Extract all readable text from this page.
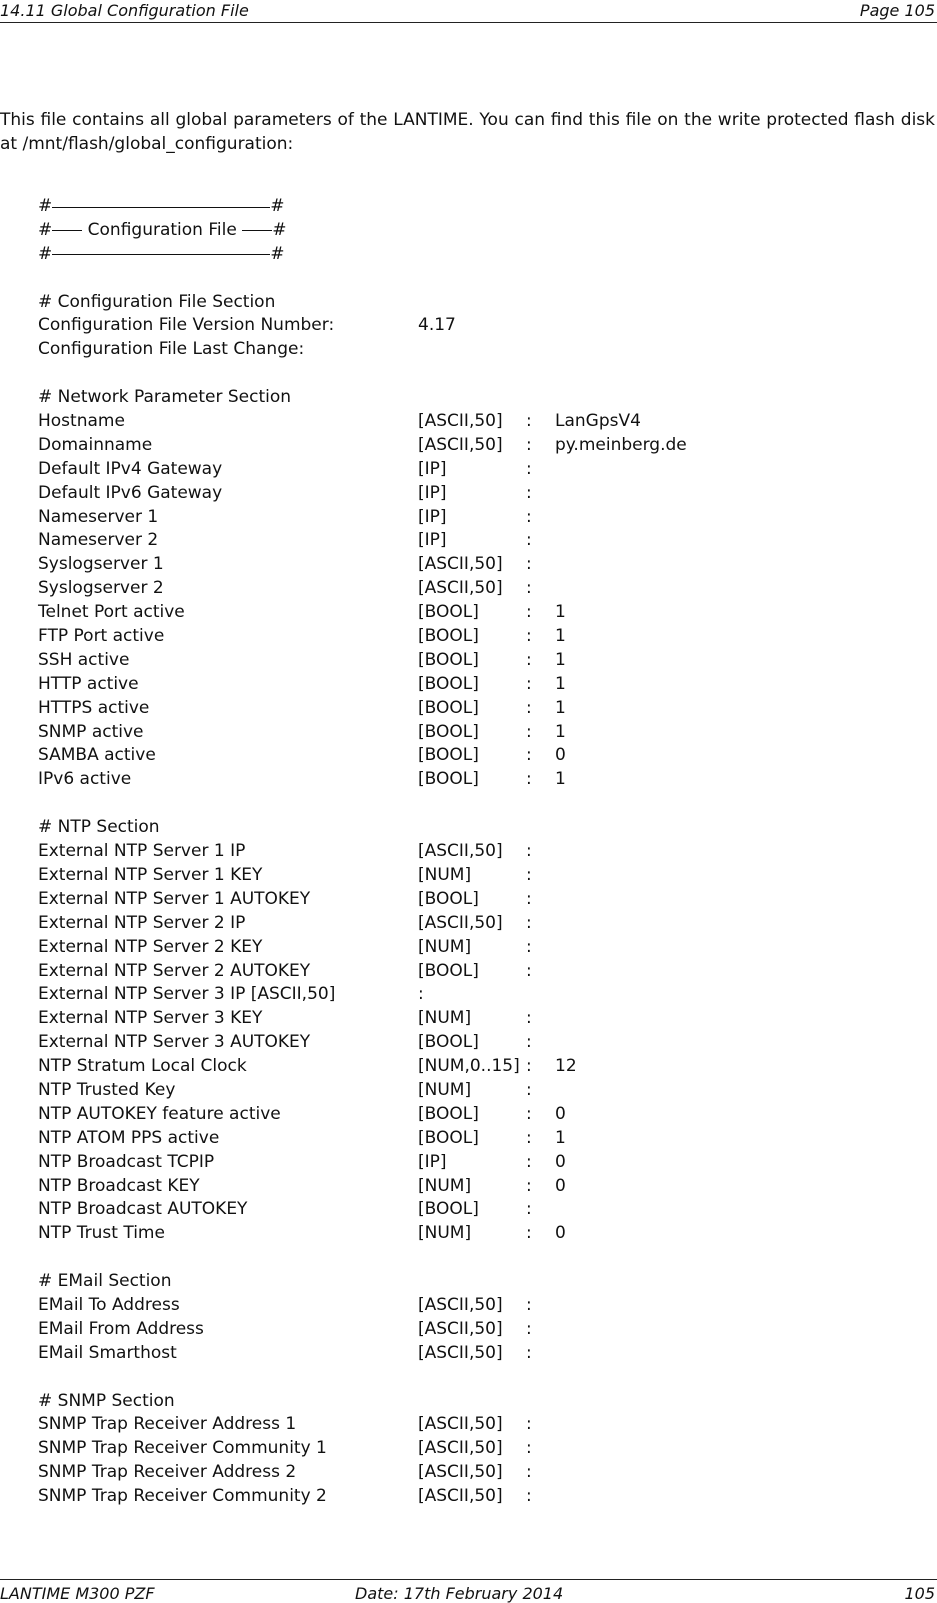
14.11 Global Configuration File	Page 105

This file contains all global parameters of the LANTIME. You can find this file on the write protected flash disk at /mnt/flash/global_configuration:

#	#
# Configuration File #
#	#
# Configuration File Section
Configuration File Version Number:	4.17
Configuration File Last Change:
# Network Parameter Section
Hostname	[ASCII,50] : LanGpsV4
Domainname	[ASCII,50] : py.meinberg.de
Default IPv4 Gateway	[IP]	:
Default IPv6 Gateway	[IP]	:
Nameserver 1	[IP]	:
Nameserver 2	[IP]	:
Syslogserver 1	[ASCII,50] :
Syslogserver 2	[ASCII,50] :
Telnet Port active	[BOOL]	: 1
FTP Port active	[BOOL]	: 1
SSH active	[BOOL]	: 1
HTTP active	[BOOL]	: 1
HTTPS active	[BOOL]	: 1
SNMP active	[BOOL]	: 1
SAMBA active	[BOOL]	: 0
IPv6 active	[BOOL]	: 1
# NTP Section
External NTP Server 1 IP	[ASCII,50] :
External NTP Server 1 KEY	[NUM]	:
External NTP Server 1 AUTOKEY	[BOOL]	:
External NTP Server 2 IP	[ASCII,50] :
External NTP Server 2 KEY	[NUM]	:
External NTP Server 2 AUTOKEY	[BOOL]	:
External NTP Server 3 IP [ASCII,50]	:
External NTP Server 3 KEY	[NUM]	:
External NTP Server 3 AUTOKEY	[BOOL]	:
NTP Stratum Local Clock	[NUM,0..15] : 12
NTP Trusted Key	[NUM]	:
NTP AUTOKEY feature active	[BOOL]	: 0
NTP ATOM PPS active	[BOOL]	: 1
NTP Broadcast TCPIP	[IP]	: 0
NTP Broadcast KEY	[NUM]	: 0
NTP Broadcast AUTOKEY	[BOOL]	:
NTP Trust Time	[NUM]	: 0
# EMail Section
EMail To Address	[ASCII,50] :
EMail From Address	[ASCII,50] :
EMail Smarthost	[ASCII,50] :
# SNMP Section
SNMP Trap Receiver Address 1	[ASCII,50] :
SNMP Trap Receiver Community 1	[ASCII,50] :
SNMP Trap Receiver Address 2	[ASCII,50] :
SNMP Trap Receiver Community 2	[ASCII,50] :
LANTIME M300 PZF	Date: 17th February 2014	105
